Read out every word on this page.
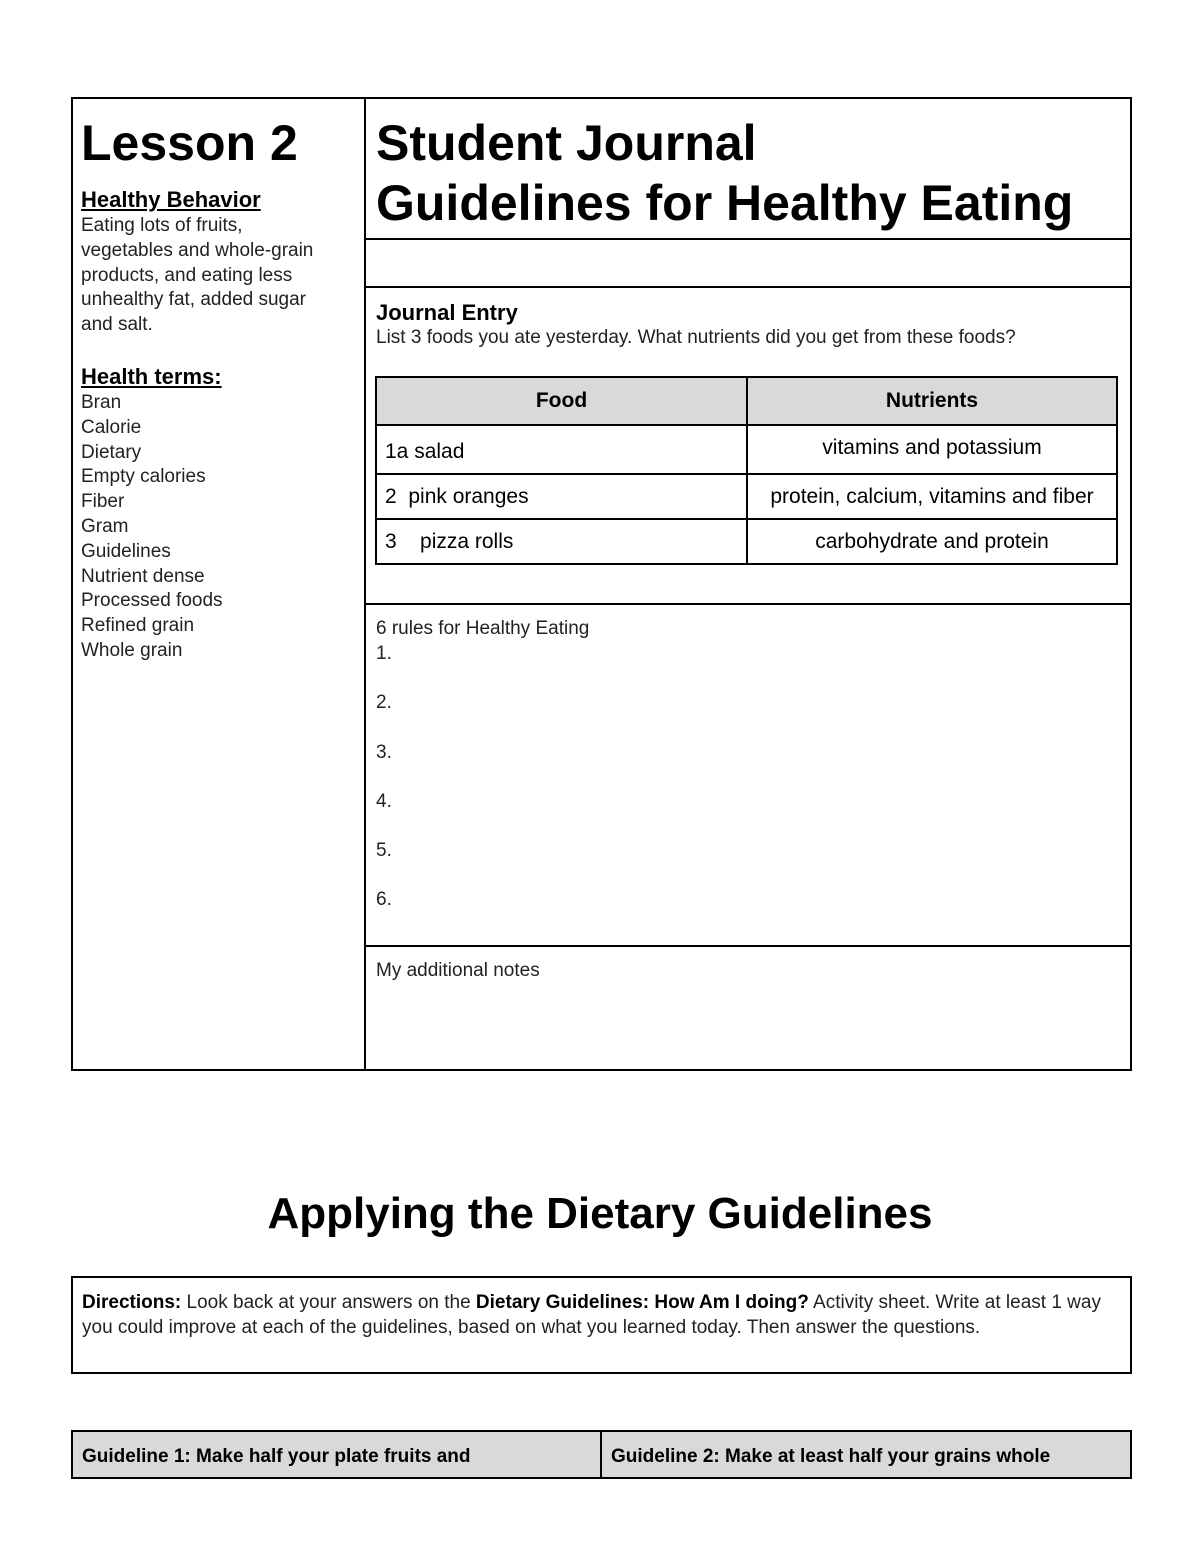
Lesson 2
Healthy Behavior
Eating lots of fruits,
vegetables and whole-grain
products, and eating less
unhealthy fat, added sugar
and salt.
Health terms:
Bran
Calorie
Dietary
Empty calories
Fiber
Gram
Guidelines
Nutrient dense
Processed foods
Refined grain
Whole grain
Student Journal
Guidelines for Healthy Eating
Journal Entry
List 3 foods you ate yesterday. What nutrients did you get from these foods?
Food	Nutrients
1a salad	vitamins and potassium
2  pink oranges	protein, calcium, vitamins and fiber
3    pizza rolls	carbohydrate and protein
6 rules for Healthy Eating
1.
2.
3.
4.
5.
6.
My additional notes
Applying the Dietary Guidelines
Directions: Look back at your answers on the Dietary Guidelines: How Am I doing? Activity sheet. Write at least 1 way you could improve at each of the guidelines, based on what you learned today. Then answer the questions.
Guideline 1: Make half your plate fruits and	Guideline 2: Make at least half your grains whole
